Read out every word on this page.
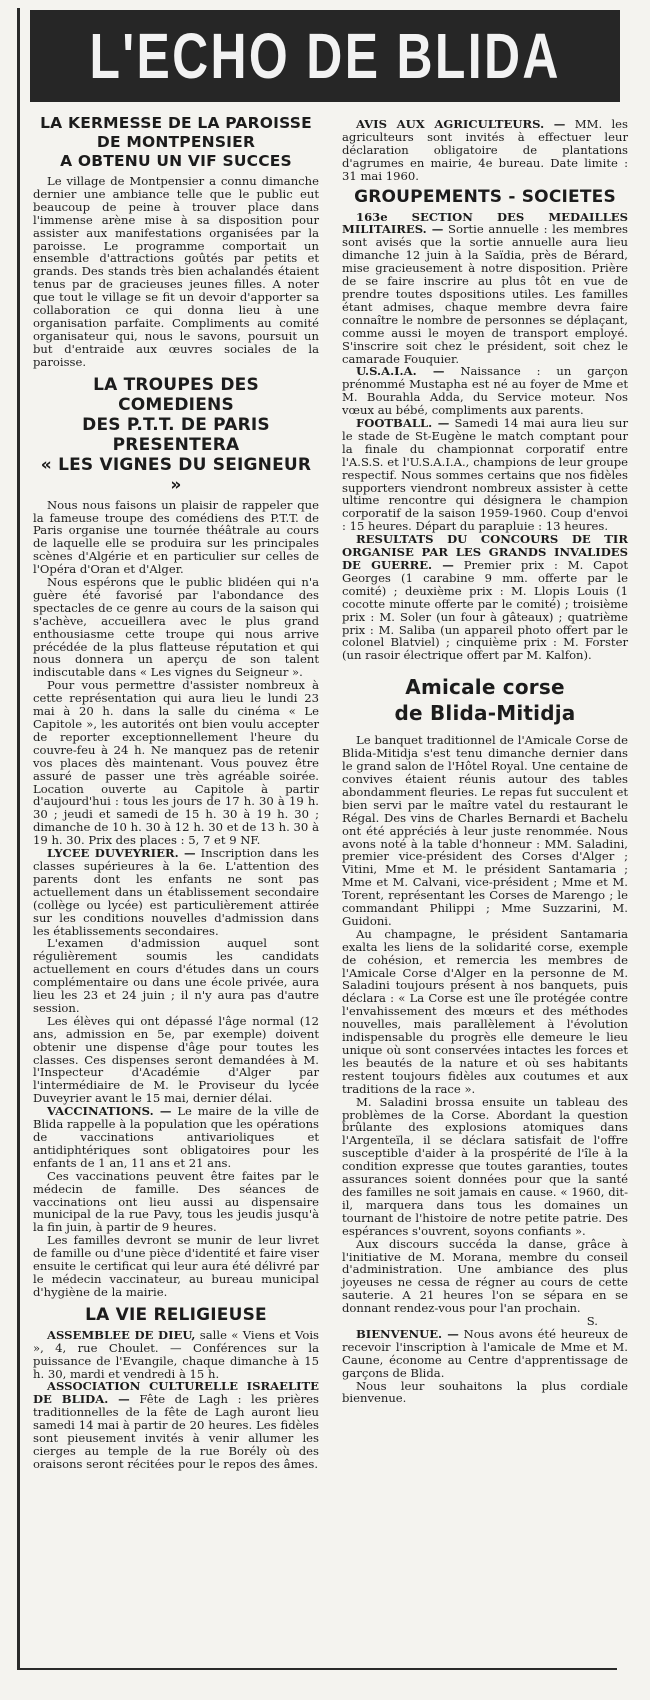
L'ECHO DE BLIDA
LA KERMESSE DE LA PAROISSE
DE MONTPENSIER
A OBTENU UN VIF SUCCES

Le village de Montpensier a connu dimanche dernier une ambiance telle que le public eut beaucoup de peine à trouver place dans l'immense arène mise à sa disposition pour assister aux manifestations organisées par la paroisse. Le programme comportait un ensemble d'attractions goûtés par petits et grands. Des stands très bien achalandés étaient tenus par de gracieuses jeunes filles. A noter que tout le village se fit un devoir d'apporter sa collaboration ce qui donna lieu à une organisation parfaite. Compliments au comité organisateur qui, nous le savons, poursuit un but d'entraide aux œuvres sociales de la paroisse.

LA TROUPES DES COMEDIENS
DES P.T.T. DE PARIS
PRESENTERA
« LES VIGNES DU SEIGNEUR »

Nous nous faisons un plaisir de rappeler que la fameuse troupe des comédiens des P.T.T. de Paris organise une tournée théâtrale au cours de laquelle elle se produira sur les principales scènes d'Algérie et en particulier sur celles de l'Opéra d'Oran et d'Alger.

Nous espérons que le public blidéen qui n'a guère été favorisé par l'abondance des spectacles de ce genre au cours de la saison qui s'achève, accueillera avec le plus grand enthousiasme cette troupe qui nous arrive précédée de la plus flatteuse réputation et qui nous donnera un aperçu de son talent indiscutable dans « Les vignes du Seigneur ».

Pour vous permettre d'assister nombreux à cette représentation qui aura lieu le lundi 23 mai à 20 h. dans la salle du cinéma « Le Capitole », les autorités ont bien voulu accepter de reporter exceptionnellement l'heure du couvre-feu à 24 h. Ne manquez pas de retenir vos places dès maintenant. Vous pouvez être assuré de passer une très agréable soirée. Location ouverte au Capitole à partir d'aujourd'hui : tous les jours de 17 h. 30 à 19 h. 30 ; jeudi et samedi de 15 h. 30 à 19 h. 30 ; dimanche de 10 h. 30 à 12 h. 30 et de 13 h. 30 à 19 h. 30. Prix des places : 5, 7 et 9 NF.

LYCEE DUVEYRIER. — Inscription dans les classes supérieures à la 6e. L'attention des parents dont les enfants ne sont pas actuellement dans un établissement secondaire (collège ou lycée) est particulièrement attirée sur les conditions nouvelles d'admission dans les établissements secondaires.

L'examen d'admission auquel sont régulièrement soumis les candidats actuellement en cours d'études dans un cours complémentaire ou dans une école privée, aura lieu les 23 et 24 juin ; il n'y aura pas d'autre session.

Les élèves qui ont dépassé l'âge normal (12 ans, admission en 5e, par exemple) doivent obtenir une dispense d'âge pour toutes les classes. Ces dispenses seront demandées à M. l'Inspecteur d'Académie d'Alger par l'intermédiaire de M. le Proviseur du lycée Duveyrier avant le 15 mai, dernier délai.

VACCINATIONS. — Le maire de la ville de Blida rappelle à la population que les opérations de vaccinations antivarioliques et antidiphtériques sont obligatoires pour les enfants de 1 an, 11 ans et 21 ans.

Ces vaccinations peuvent être faites par le médecin de famille. Des séances de vaccinations ont lieu aussi au dispensaire municipal de la rue Pavy, tous les jeudis jusqu'à la fin juin, à partir de 9 heures.

Les familles devront se munir de leur livret de famille ou d'une pièce d'identité et faire viser ensuite le certificat qui leur aura été délivré par le médecin vaccinateur, au bureau municipal d'hygiène de la mairie.

LA VIE RELIGIEUSE

ASSEMBLEE DE DIEU, salle « Viens et Vois », 4, rue Choulet. — Conférences sur la puissance de l'Evangile, chaque dimanche à 15 h. 30, mardi et vendredi à 15 h.

ASSOCIATION CULTURELLE ISRAELITE DE BLIDA. — Fête de Lagh : les prières traditionnelles de la fête de Lagh auront lieu samedi 14 mai à partir de 20 heures. Les fidèles sont pieusement invités à venir allumer les cierges au temple de la rue Borély où des oraisons seront récitées pour le repos des âmes.

AVIS AUX AGRICULTEURS. — MM. les agriculteurs sont invités à effectuer leur déclaration obligatoire de plantations d'agrumes en mairie, 4e bureau. Date limite : 31 mai 1960.

GROUPEMENTS - SOCIETES

163e SECTION DES MEDAILLES MILITAIRES. — Sortie annuelle : les membres sont avisés que la sortie annuelle aura lieu dimanche 12 juin à la Saïdia, près de Bérard, mise gracieusement à notre disposition. Prière de se faire inscrire au plus tôt en vue de prendre toutes dspositions utiles. Les familles étant admises, chaque membre devra faire connaître le nombre de personnes se déplaçant, comme aussi le moyen de transport employé. S'inscrire soit chez le président, soit chez le camarade Fouquier.

U.S.A.I.A. — Naissance : un garçon prénommé Mustapha est né au foyer de Mme et M. Bourahla Adda, du Service moteur. Nos vœux au bébé, compliments aux parents.

FOOTBALL. — Samedi 14 mai aura lieu sur le stade de St-Eugène le match comptant pour la finale du championnat corporatif entre l'A.S.S. et l'U.S.A.I.A., champions de leur groupe respectif. Nous sommes certains que nos fidèles supporters viendront nombreux assister à cette ultime rencontre qui désignera le champion corporatif de la saison 1959-1960. Coup d'envoi : 15 heures. Départ du parapluie : 13 heures.

RESULTATS DU CONCOURS DE TIR ORGANISE PAR LES GRANDS INVALIDES DE GUERRE. — Premier prix : M. Capot Georges (1 carabine 9 mm. offerte par le comité) ; deuxième prix : M. Llopis Louis (1 cocotte minute offerte par le comité) ; troisième prix : M. Soler (un four à gâteaux) ; quatrième prix : M. Saliba (un appareil photo offert par le colonel Blatviel) ; cinquième prix : M. Forster (un rasoir électrique offert par M. Kalfon).

Amicale corse
de Blida-Mitidja

Le banquet traditionnel de l'Amicale Corse de Blida-Mitidja s'est tenu dimanche dernier dans le grand salon de l'Hôtel Royal. Une centaine de convives étaient réunis autour des tables abondamment fleuries. Le repas fut succulent et bien servi par le maître vatel du restaurant le Régal. Des vins de Charles Bernardi et Bachelu ont été appréciés à leur juste renommée. Nous avons noté à la table d'honneur : MM. Saladini, premier vice-président des Corses d'Alger ; Vitini, Mme et M. le président Santamaria ; Mme et M. Calvani, vice-président ; Mme et M. Torent, représentant les Corses de Marengo ; le commandant Philippi ; Mme Suzzarini, M. Guidoni.

Au champagne, le président Santamaria exalta les liens de la solidarité corse, exemple de cohésion, et remercia les membres de l'Amicale Corse d'Alger en la personne de M. Saladini toujours présent à nos banquets, puis déclara : « La Corse est une île protégée contre l'envahissement des mœurs et des méthodes nouvelles, mais parallèlement à l'évolution indispensable du progrès elle demeure le lieu unique où sont conservées intactes les forces et les beautés de la nature et où ses habitants restent toujours fidèles aux coutumes et aux traditions de la race ».

M. Saladini brossa ensuite un tableau des problèmes de la Corse. Abordant la question brûlante des explosions atomiques dans l'Argenteïla, il se déclara satisfait de l'offre susceptible d'aider à la prospérité de l'île à la condition expresse que toutes garanties, toutes assurances soient données pour que la santé des familles ne soit jamais en cause. « 1960, dit-il, marquera dans tous les domaines un tournant de l'histoire de notre petite patrie. Des espérances s'ouvrent, soyons confiants ».

Aux discours succéda la danse, grâce à l'initiative de M. Morana, membre du conseil d'administration. Une ambiance des plus joyeuses ne cessa de régner au cours de cette sauterie. A 21 heures l'on se sépara en se donnant rendez-vous pour l'an prochain.

S.

BIENVENUE. — Nous avons été heureux de recevoir l'inscription à l'amicale de Mme et M. Caune, économe au Centre d'apprentissage de garçons de Blida.

Nous leur souhaitons la plus cordiale bienvenue.
